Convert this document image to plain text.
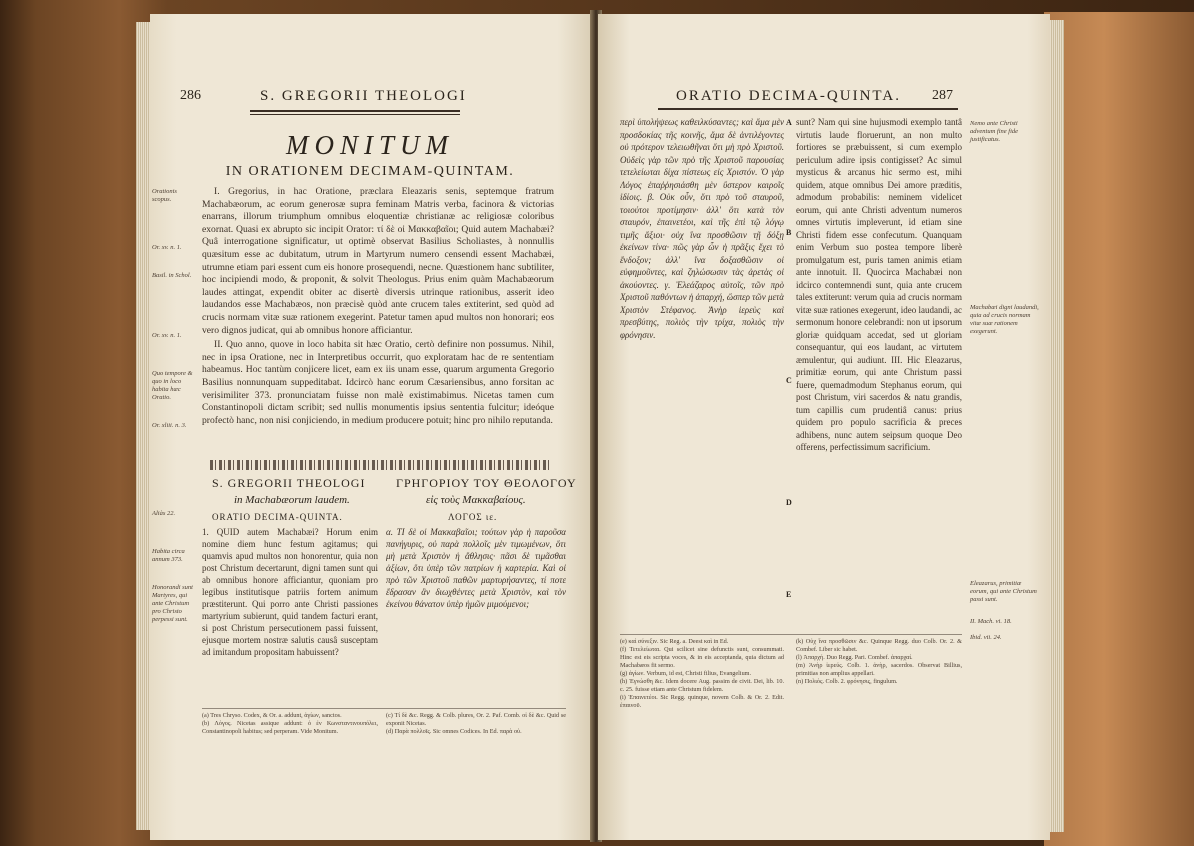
286	S. GREGORII THEOLOGI
MONITUM
IN ORATIONEM DECIMAM-QUINTAM.
Orationis scopus.
Or. xv. n. 1.
Basil. in Schol.
Or. xv. n. 1.
Quo tempore & quo in loco habita hæc Oratio.
Or. xliii. n. 3.

I. Gregorius, in hac Oratione, præclara Eleazaris senis, septemque fratrum Machabæorum, ac eorum generosæ supra feminam Matris verba, facinora & victorias enarrans, illorum triumphum omnibus eloquentiæ christianæ ac religiosæ coloribus exornat. Quasi ex abrupto sic incipit Orator: τί δὲ οἱ Μακκαβαῖοι; Quid autem Machabæi? Quâ interrogatione significatur, ut optimè observat Basilius Scholiastes, à nonnullis quæsitum esse ac dubitatum, utrum in Martyrum numero censendi essent Machabæi, utrumne etiam pari essent cum eis honore prosequendi, necne. Quæstionem hanc subtiliter, hoc incipiendi modo, & proponit, & solvit Theologus. Prius enim quàm Machabæorum laudes attingat, expendit obiter ac disertè diversis utrinque rationibus, asserit ideo laudandos esse Machabæos, non præcisè quòd ante crucem tales extiterint, sed quòd ad crucis normam vitæ suæ rationem exegerint. Patetur tamen apud multos non honorari; eos vero dignos judicat, qui ab omnibus honore afficiantur.

II. Quo anno, quove in loco habita sit hæc Oratio, certò definire non possumus. Nihil, nec in ipsa Oratione, nec in Interpretibus occurrit, quo exploratam hac de re sententiam habeamus. Hoc tantùm conjicere licet, eam ex iis unam esse, quarum argumenta Gregorio Basilius nonnunquam suppeditabat. Idcircò hanc eorum Cæsariensibus, anno forsitan ac verisimiliter 373. pronunciatam fuisse non malè existimabimus. Nicetas tamen cum Constantinopoli dictam scribit; sed nullis monumentis ipsius sententia fulcitur; ideóque profectò hanc, non nisi conjiciendo, in medium producere potuit; hinc pro nihilo reputanda.

S. GREGORII THEOLOGI
in Machabæorum laudem.
ΓΡΗΓΟΡΙΟΥ ΤΟΥ ΘΕΟΛΟΓΟΥ
εἰς τοὺς Μακκαβαίους.
ORATIO DECIMA-QUINTA.	ΛΟΓΟΣ ιε.
Aliàs 22.
Habita circa annum 373.
Honorandi sunt Martyres, qui ante Christum pro Christo perpessi sunt.
1. QUID autem Machabæi? Horum enim nomine diem hunc festum agitamus; qui quamvis apud multos non honorentur, quia non post Christum decertarunt, digni tamen sunt qui ab omnibus honore afficiantur, quoniam pro legibus institutisque patriis fortem animum præstiterunt. Qui porro ante Christi passiones martyrium subierunt, quid tandem facturi erant, si post Christum persecutionem passi fuissent, ejusque mortem nostræ salutis causâ susceptam ad imitandum propositam habuissent?
α. ΤΙ δὲ οἱ Μακκαβαῖοι; τούτων γὰρ ἡ παροῦσα πανήγυρις, οὐ παρὰ πολλοῖς μὲν τιμωμένων, ὅτι μὴ μετὰ Χριστὸν ἡ ἄθλησις· πᾶσι δὲ τιμᾶσθαι ἀξίων, ὅτι ὑπὲρ τῶν πατρίων ἡ καρτερία. Καὶ οἱ πρὸ τῶν Χριστοῦ παθῶν μαρτυρήσαντες, τί ποτε ἔδρασαν ἂν διωχθέντες μετὰ Χριστὸν, καὶ τὸν ἐκείνου θάνατον ὑπὲρ ἡμῶν μιμούμενοι;
(a) Tres Chryso. Codex, & Or. a. addunt, ἁγίων, sanctos.
(b) Λόγος. Nicetas assique addunt: ὁ ἐν Κωνσταντινουπόλει, Constantinopoli habitus; sed perperam. Vide Monitum.
(c) Τί δὲ &c. Regg. & Colb. plures, Or. 2. Paf. Comb. οἱ δὲ &c. Quid se exponit Nicetas.
(d) Παρὰ πολλοῖς. Sic omnes Codices. In Ed. παρὰ οὐ.
ORATIO DECIMA-QUINTA. 287
περὶ ὑπολήψεως καθειλκύσαντες; καὶ ἅμα μὲν προσδοκίας τῆς κοινῆς, ἅμα δὲ ἀντιλέγοντες οὐ πρότερον τελειωθῆναι ὅτι μὴ πρὸ Χριστοῦ. Οὐδεὶς γὰρ τῶν πρὸ τῆς Χριστοῦ παρουσίας τετελείωται δίχα πίστεως εἰς Χριστόν. Ὁ γὰρ Λόγος ἐπαῤῥησιάσθη μὲν ὕστερον καιροῖς ἰδίοις. β. Οὐκ οὖν, ὅτι πρὸ τοῦ σταυροῦ, τοιούτοι προτίμησιν· ἀλλ' ὅτι κατὰ τὸν σταυρόν, ἐπαινετέοι, καὶ τῆς ἐπὶ τῷ λόγῳ τιμῆς ἄξιοι· οὐχ ἵνα προσθῶσιν τῇ δόξῃ ἐκείνων τίνα· πῶς γὰρ ὧν ἡ πρᾶξις ἔχει τὸ ἔνδοξον; ἀλλ' ἵνα δοξασθῶσιν οἱ εὐφημοῦντες, καὶ ζηλώσωσιν τὰς ἀρετὰς οἱ ἀκούοντες. γ. Ἐλεάζαρος αὐτοῖς, τῶν πρὸ Χριστοῦ παθόντων ἡ ἀπαρχή, ὥσπερ τῶν μετὰ Χριστὸν Στέφανος. Ἀνὴρ ἱερεὺς καὶ πρεσβύτης, πολιὸς τὴν τρίχα, πολιὸς τὴν φρόνησιν.
A
B
C
D
E
sunt? Nam qui sine hujusmodi exemplo tantâ virtutis laude floruerunt, an non multo fortiores se præbuissent, si cum exemplo periculum adire ipsis contigisset? Ac simul mysticus & arcanus hic sermo est, mihi quidem, atque omnibus Dei amore præditis, admodum probabilis: neminem videlicet eorum, qui ante Christi adventum numeros omnes virtutis impleverunt, id etiam sine Christi fidem esse confecutum. Quanquam enim Verbum suo postea tempore liberè promulgatum est, puris tamen animis etiam ante innotuit. II. Quocirca Machabæi non idcirco contemnendi sunt, quia ante crucem tales extiterunt: verum quia ad crucis normam vitæ suæ rationes exegerunt, ideo laudandi, ac sermonum honore celebrandi: non ut ipsorum gloriæ quidquam accedat, sed ut gloriam consequantur, qui eos laudant, ac virtutem æmulentur, qui audiunt. III. Hic Eleazarus, primitiæ eorum, qui ante Christum passi fuere, quemadmodum Stephanus eorum, qui post Christum, viri sacerdos & natu grandis, tum capillis cum prudentiâ canus: prius quidem pro populo sacrificia & preces adhibens, nunc autem seipsum quoque Deo offerens, perfectissimum sacrificium.
Nemo ante Christi adventum fine fide justificatus.
Machabæi digni laudandi, quia ad crucis normam vitæ suæ rationem exegerunt.
Eleazarus, primitiæ eorum, qui ante Christum passi sunt.
II. Mach. vi. 18.
Ibid. vii. 24.
(e) καὶ σύνεξιν. Sic Reg. a. Deest καὶ in Ed.
(f) Τετελείωται. Qui scilicet sine defunctis sunt, consummati. Hinc est eis scripta voces, & in eis acceptanda, quia dictum ad Machabæos fit sermo.
(g) ἁγίων. Verbum, id est, Christi filius, Evangelium.
(h) Ἐγνώσθη &c. Idem docere Aug. passim de civit. Dei, lib. 10. c. 25. fuisse etiam ante Christum fidelem.
(i) Ἐπαινετέοι. Sic Regg. quinque, novem Colb. & Or. 2. Edit. ἐπαινοῦ.
(k) Οὐχ ἵνα προσθῶσιν &c. Quinque Regg. duo Colb. Or. 2. & Combef. Liber sic habet.
(l) Ἀπαρχή. Duo Regg. Pari. Combef. ἀπαρχαί.
(m) Ἀνὴρ ἱερεύς. Colb. 1. ἀνὴρ, sacerdos. Observat Billius, primitias non amplius appellari.
(n) Πολιός. Colb. 2. φρόνησις, fingulum.
